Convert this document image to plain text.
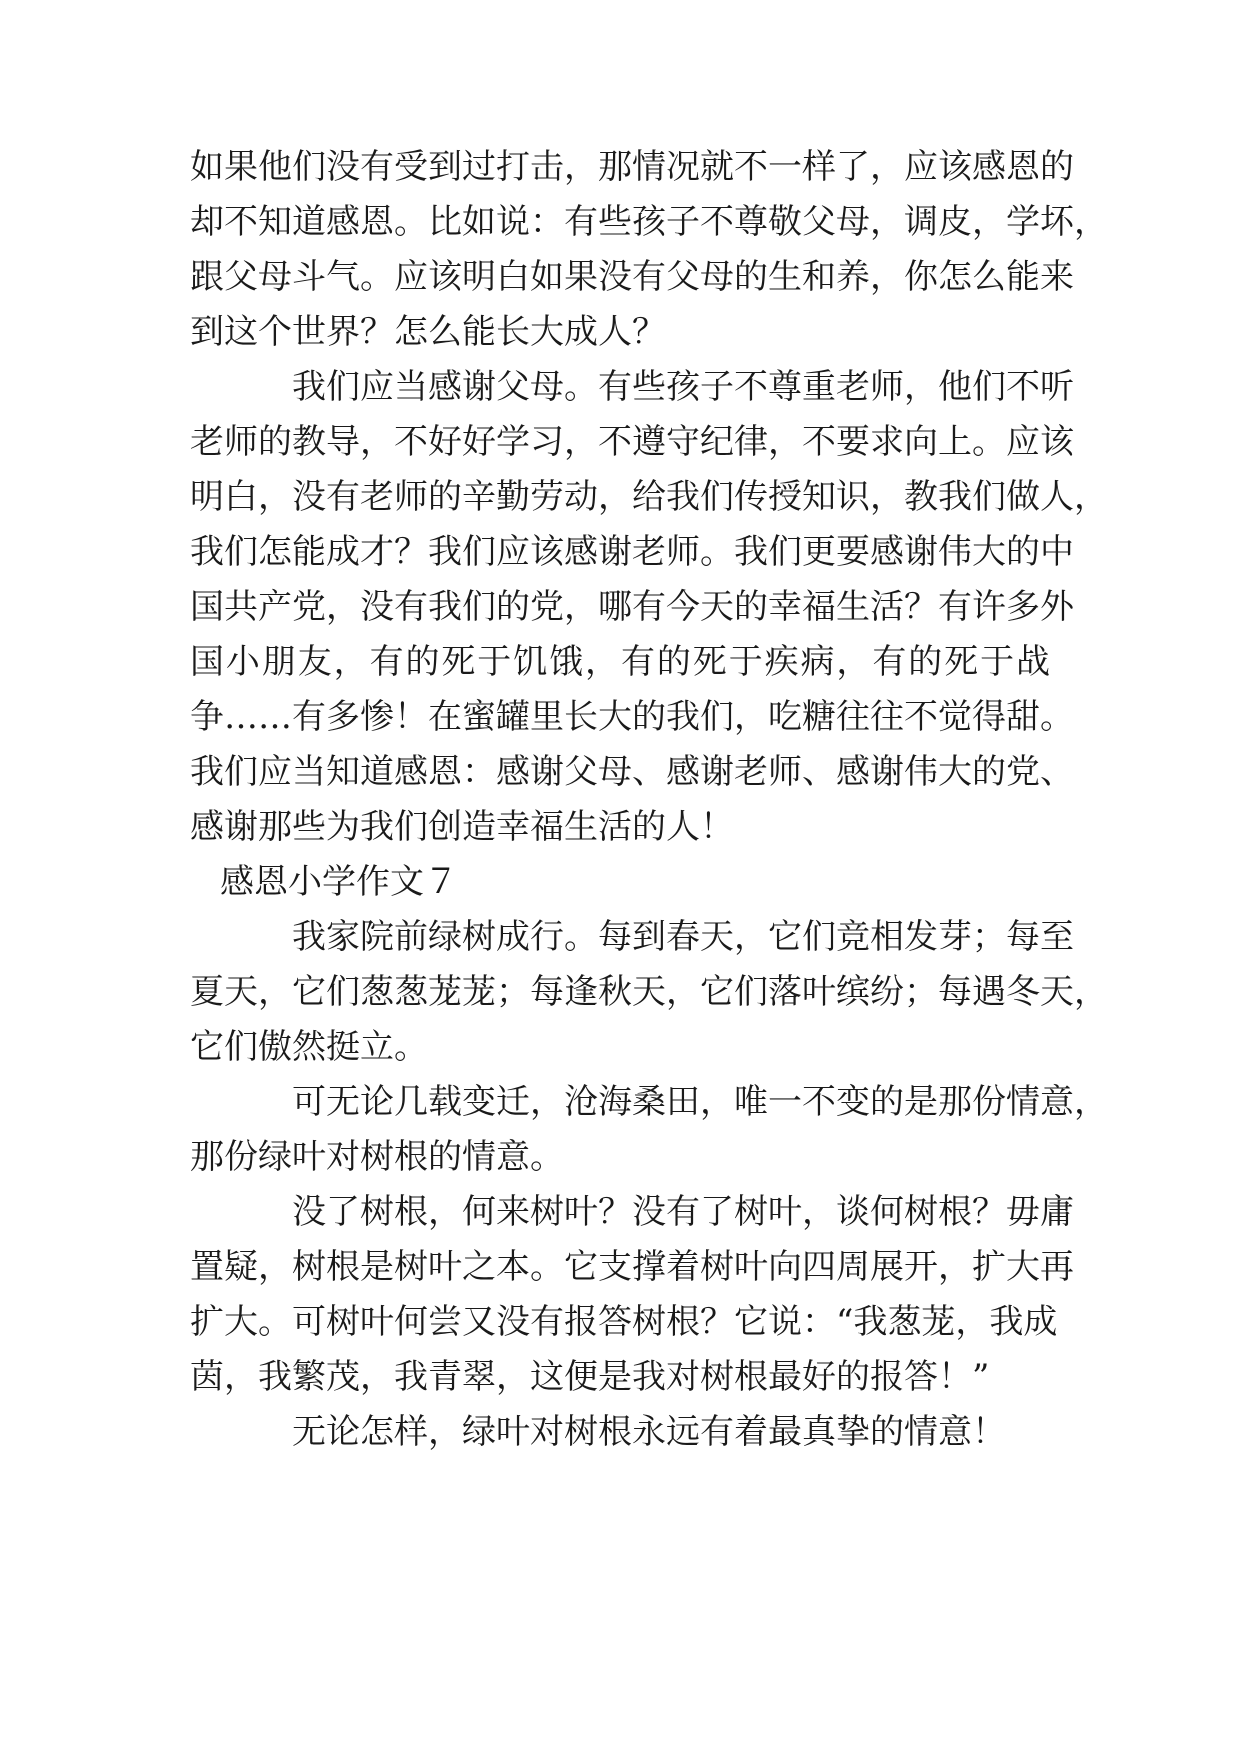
如果他们没有受到过打击，那情况就不一样了，应该感恩的
却不知道感恩。比如说：有些孩子不尊敬父母，调皮，学坏，
跟父母斗气。应该明白如果没有父母的生和养，你怎么能来
到这个世界？怎么能长大成人？
我们应当感谢父母。有些孩子不尊重老师，他们不听
老师的教导，不好好学习，不遵守纪律，不要求向上。应该
明白，没有老师的辛勤劳动，给我们传授知识，教我们做人，
我们怎能成才？我们应该感谢老师。我们更要感谢伟大的中
国共产党，没有我们的党，哪有今天的幸福生活？有许多外
国小朋友，有的死于饥饿，有的死于疾病，有的死于战
争……有多惨！在蜜罐里长大的我们，吃糖往往不觉得甜。
我们应当知道感恩：感谢父母、感谢老师、感谢伟大的党、
感谢那些为我们创造幸福生活的人！
感恩小学作文７
我家院前绿树成行。每到春天，它们竞相发芽；每至
夏天，它们葱葱茏茏；每逢秋天，它们落叶缤纷；每遇冬天，
它们傲然挺立。
可无论几载变迁，沧海桑田，唯一不变的是那份情意，
那份绿叶对树根的情意。
没了树根，何来树叶？没有了树叶，谈何树根？毋庸
置疑，树根是树叶之本。它支撑着树叶向四周展开，扩大再
扩大。可树叶何尝又没有报答树根？它说：“我葱茏，我成
茵，我繁茂，我青翠，这便是我对树根最好的报答！”
无论怎样，绿叶对树根永远有着最真挚的情意！
